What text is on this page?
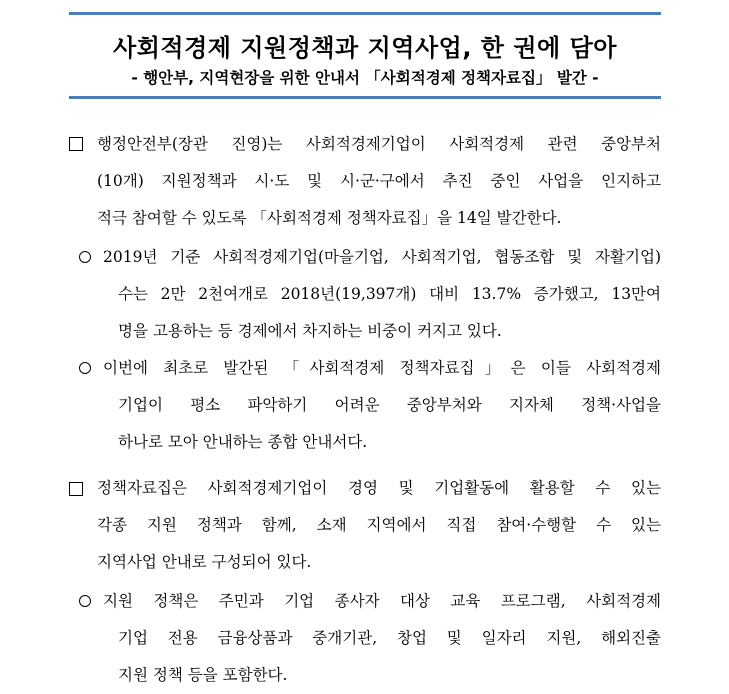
사회적경제 지원정책과 지역사업, 한 권에 담아
- 행안부, 지역현장을 위한 안내서 「사회적경제 정책자료집」 발간 -
행정안전부(장관 진영)는 사회적경제기업이 사회적경제 관련 중앙부처
(10개) 지원정책과 시·도 및 시·군·구에서 추진 중인 사업을 인지하고
적극 참여할 수 있도록 「사회적경제 정책자료집」을 14일 발간한다.
2019년 기준 사회적경제기업(마을기업, 사회적기업, 협동조합 및 자활기업)
수는 2만 2천여개로 2018년(19,397개) 대비 13.7% 증가했고, 13만여
명을 고용하는 등 경제에서 차지하는 비중이 커지고 있다.
이번에 최초로 발간된 「사회적경제 정책자료집」은 이들 사회적경제
기업이 평소 파악하기 어려운 중앙부처와 지자체 정책·사업을
하나로 모아 안내하는 종합 안내서다.
정책자료집은 사회적경제기업이 경영 및 기업활동에 활용할 수 있는
각종 지원 정책과 함께, 소재 지역에서 직접 참여·수행할 수 있는
지역사업 안내로 구성되어 있다.
지원 정책은 주민과 기업 종사자 대상 교육 프로그램, 사회적경제
기업 전용 금융상품과 중개기관, 창업 및 일자리 지원, 해외진출
지원 정책 등을 포함한다.
